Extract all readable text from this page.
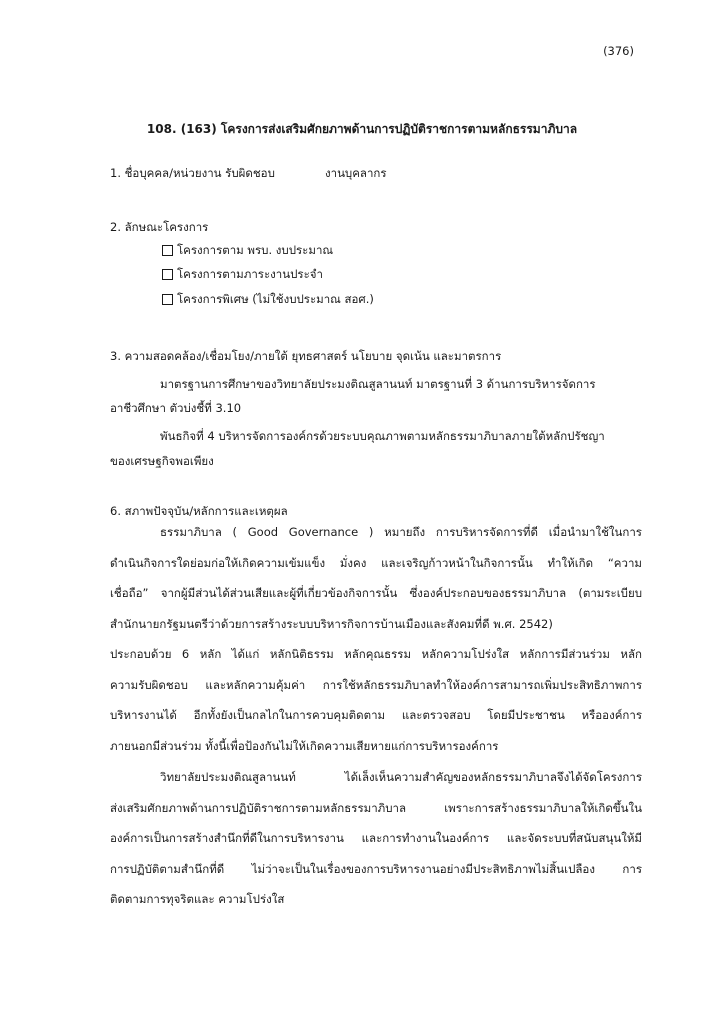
(376)
108. (163) โครงการส่งเสริมศักยภาพด้านการปฏิบัติราชการตามหลักธรรมาภิบาล
1. ชื่อบุคคล/หน่วยงาน รับผิดชอบ	งานบุคลากร
2. ลักษณะโครงการ
โครงการตาม พรบ. งบประมาณ
โครงการตามภาระงานประจำ
โครงการพิเศษ (ไม่ใช้งบประมาณ สอศ.)
3. ความสอดคล้อง/เชื่อมโยง/ภายใต้ ยุทธศาสตร์ นโยบาย จุดเน้น และมาตรการ
มาตรฐานการศึกษาของวิทยาลัยประมงติณสูลานนท์ มาตรฐานที่ 3 ด้านการบริหารจัดการ
อาชีวศึกษา ตัวบ่งชี้ที่ 3.10
พันธกิจที่ 4 บริหารจัดการองค์กรด้วยระบบคุณภาพตามหลักธรรมาภิบาลภายใต้หลักปรัชญา
ของเศรษฐกิจพอเพียง
6. สภาพปัจจุบัน/หลักการและเหตุผล
ธรรมาภิบาล ( Good Governance ) หมายถึง การบริหารจัดการที่ดี เมื่อนำมาใช้ในการ
ดำเนินกิจการใดย่อมก่อให้เกิดความเข้มแข็ง มั่งคง และเจริญก้าวหน้าในกิจการนั้น ทำให้เกิด “ความ
เชื่อถือ” จากผู้มีส่วนได้ส่วนเสียและผู้ที่เกี่ยวข้องกิจการนั้น ซึ่งองค์ประกอบของธรรมาภิบาล (ตามระเบียบ
สำนักนายกรัฐมนตรีว่าด้วยการสร้างระบบบริหารกิจการบ้านเมืองและสังคมที่ดี พ.ศ. 2542)
ประกอบด้วย 6 หลัก ได้แก่ หลักนิติธรรม หลักคุณธรรม หลักความโปร่งใส หลักการมีส่วนร่วม หลัก
ความรับผิดชอบ และหลักความคุ้มค่า การใช้หลักธรรมภิบาลทำให้องค์การสามารถเพิ่มประสิทธิภาพการ
บริหารงานได้ อีกทั้งยังเป็นกลไกในการควบคุมติดตาม และตรวจสอบ โดยมีประชาชน หรือองค์การ
ภายนอกมีส่วนร่วม ทั้งนี้เพื่อป้องกันไม่ให้เกิดความเสียหายแก่การบริหารองค์การ
วิทยาลัยประมงติณสูลานนท์ ได้เล็งเห็นความสำคัญของหลักธรรมาภิบาลจึงได้จัดโครงการ
ส่งเสริมศักยภาพด้านการปฏิบัติราชการตามหลักธรรมาภิบาล เพราะการสร้างธรรมาภิบาลให้เกิดขึ้นใน
องค์การเป็นการสร้างสำนึกที่ดีในการบริหารงาน และการทำงานในองค์การ และจัดระบบที่สนับสนุนให้มี
การปฏิบัติตามสำนึกที่ดี ไม่ว่าจะเป็นในเรื่องของการบริหารงานอย่างมีประสิทธิภาพไม่สิ้นเปลือง การ
ติดตามการทุจริตและ ความโปร่งใส
